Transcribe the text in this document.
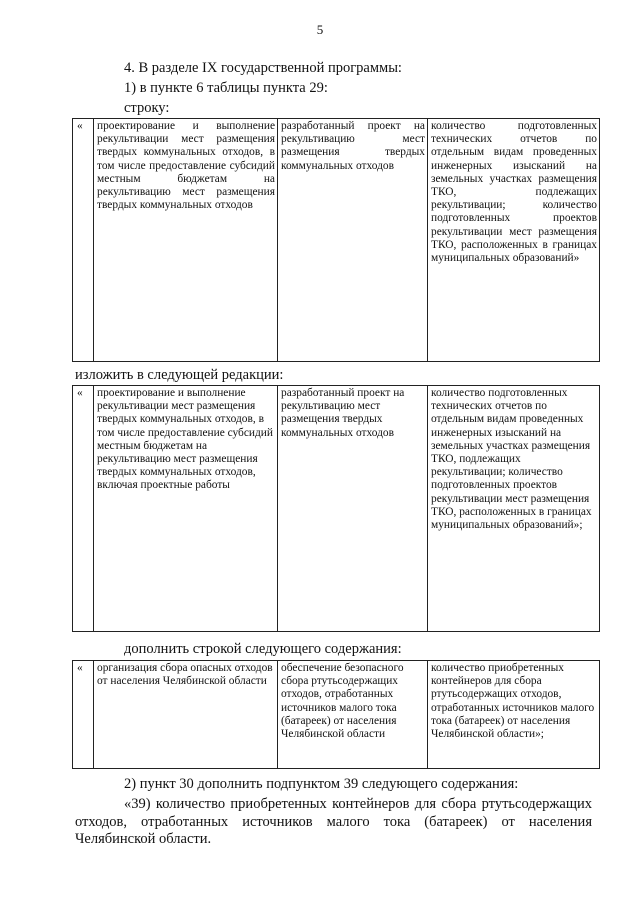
5
4. В разделе IX государственной программы:
1) в пункте 6 таблицы пункта 29:
строку:
«	проектирование и выполнение рекультивации мест размещения твердых коммунальных отходов, в том числе предоставление субсидий местным бюджетам на рекультивацию мест размещения твердых коммунальных отходов	разработанный проект на рекультивацию мест размещения твердых коммунальных отходов	количество подготовленных технических отчетов по отдельным видам проведенных инженерных изысканий на земельных участках размещения ТКО, подлежащих рекультивации; количество подготовленных проектов рекультивации мест размещения ТКО, расположенных в границах муниципальных образований»
изложить в следующей редакции:
«	проектирование и выполнение рекультивации мест размещения твердых коммунальных отходов, в том числе предоставление субсидий местным бюджетам на рекультивацию мест размещения твердых коммунальных отходов, включая проектные работы	разработанный проект на рекультивацию мест размещения твердых коммунальных отходов	количество подготовленных технических отчетов по отдельным видам проведенных инженерных изысканий на земельных участках размещения ТКО, подлежащих рекультивации; количество подготовленных проектов рекультивации мест размещения ТКО, расположенных в границах муниципальных образований»;
дополнить строкой следующего содержания:
«	организация сбора опасных отходов от населения Челябинской области	обеспечение безопасного сбора ртутьсодержащих отходов, отработанных источников малого тока (батареек) от населения Челябинской области	количество приобретенных контейнеров для сбора ртутьсодержащих отходов, отработанных источников малого тока (батареек) от населения Челябинской области»;
2) пункт 30 дополнить подпунктом 39 следующего содержания:
«39) количество приобретенных контейнеров для сбора ртутьсодержащих отходов, отработанных источников малого тока (батареек) от населения Челябинской области.
